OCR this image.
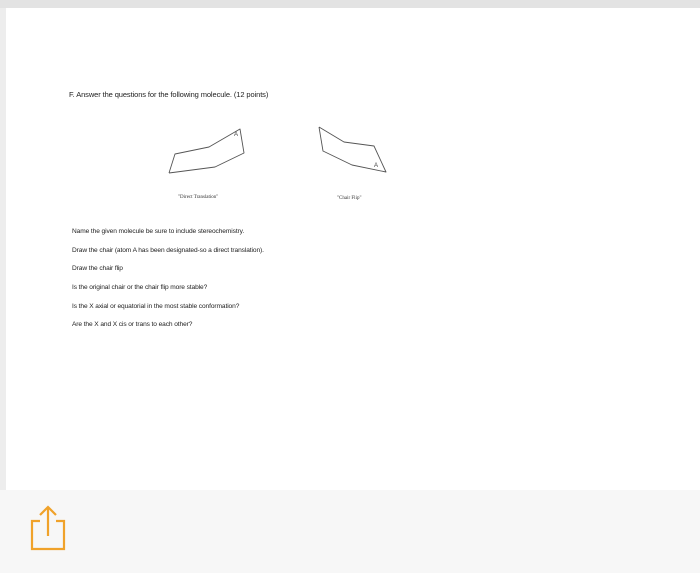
F. Answer the questions for the following molecule. (12 points)
A
"Direct Translation"
A
"Chair Flip"
Name the given molecule be sure to include stereochemistry.
Draw the chair (atom A has been designated-so a direct translation).
Draw the chair flip
Is the original chair or the chair flip more stable?
Is the X axial or equatorial in the most stable conformation?
Are the X and X cis or trans to each other?
